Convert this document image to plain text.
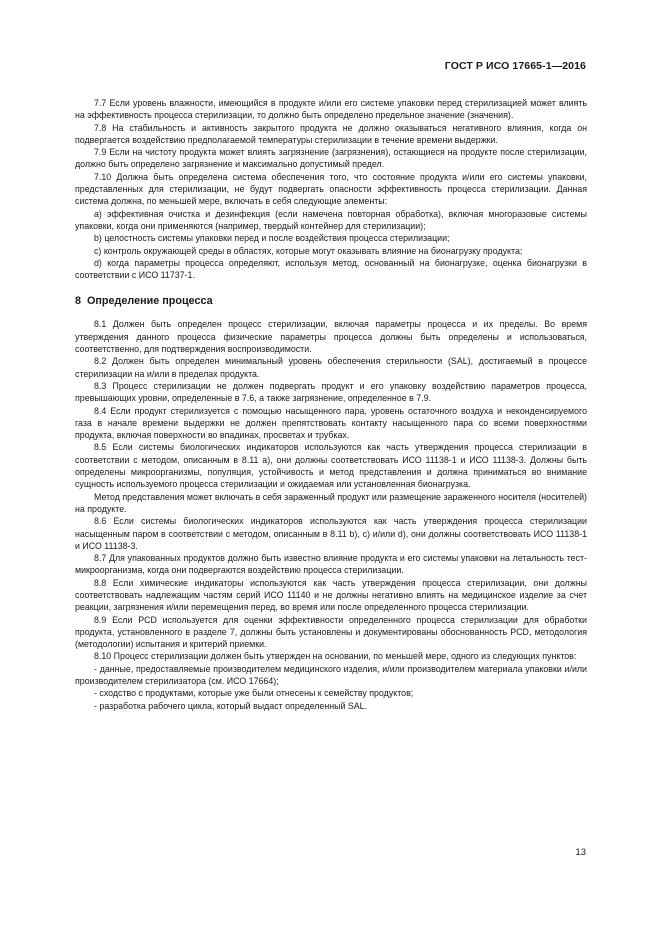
ГОСТ Р ИСО 17665-1—2016

7.7 Если уровень влажности, имеющийся в продукте и/или его системе упаковки перед стерилизацией может влиять на эффективность процесса стерилизации, то должно быть определено предельное значение (значения).

7.8 На стабильность и активность закрытого продукта не должно оказываться негативного влияния, когда он подвергается воздействию предполагаемой температуры стерилизации в течение времени выдержки.

7.9 Если на чистоту продукта может влиять загрязнение (загрязнения), остающиеся на продукте после стерилизации, должно быть определено загрязнение и максимально допустимый предел.

7.10 Должна быть определена система обеспечения того, что состояние продукта и/или его системы упаковки, представленных для стерилизации, не будут подвергать опасности эффективность процесса стерилизации. Данная система должна, по меньшей мере, включать в себя следующие элементы:

a) эффективная очистка и дезинфекция (если намечена повторная обработка), включая многоразовые системы упаковки, когда они применяются (например, твердый контейнер для стерилизации);

b) целостность системы упаковки перед и после воздействия процесса стерилизации;

c) контроль окружающей среды в областях, которые могут оказывать влияние на бионагрузку продукта;

d) когда параметры процесса определяют, используя метод, основанный на бионагрузке, оценка бионагрузки в соответствии с ИСО 11737-1.

8 Определение процесса

8.1 Должен быть определен процесс стерилизации, включая параметры процесса и их пределы. Во время утверждения данного процесса физические параметры процесса должны быть определены и использоваться, соответственно, для подтверждения воспроизводимости.

8.2 Должен быть определен минимальный уровень обеспечения стерильности (SAL), достигаемый в процессе стерилизации на и/или в пределах продукта.

8.3 Процесс стерилизации не должен подвергать продукт и его упаковку воздействию параметров процесса, превышающих уровни, определенные в 7.6, а также загрязнение, определенное в 7.9.

8.4 Если продукт стерилизуется с помощью насыщенного пара, уровень остаточного воздуха и неконденсируемого газа в начале времени выдержки не должен препятствовать контакту насыщенного пара со всеми поверхностями продукта, включая поверхности во впадинах, просветах и трубках.

8.5 Если системы биологических индикаторов используются как часть утверждения процесса стерилизации в соответствии с методом, описанным в 8.11 a), они должны соответствовать ИСО 11138-1 и ИСО 11138-3. Должны быть определены микроорганизмы, популяция, устойчивость и метод представления и должна приниматься во внимание сущность используемого процесса стерилизации и ожидаемая или установленная бионагрузка.

Метод представления может включать в себя зараженный продукт или размещение зараженного носителя (носителей) на продукте.

8.6 Если системы биологических индикаторов используются как часть утверждения процесса стерилизации насыщенным паром в соответствии с методом, описанным в 8.11 b), c) и/или d), они должны соответствовать ИСО 11138-1 и ИСО 11138-3.

8.7 Для упакованных продуктов должно быть известно влияние продукта и его системы упаковки на летальность тест-микроорганизма, когда они подвергаются воздействию процесса стерилизации.

8.8 Если химические индикаторы используются как часть утверждения процесса стерилизации, они должны соответствовать надлежащим частям серий ИСО 11140 и не должны негативно влиять на медицинское изделие за счет реакции, загрязнения и/или перемещения перед, во время или после определенного процесса стерилизации.

8.9 Если PCD используется для оценки эффективности определенного процесса стерилизации для обработки продукта, установленного в разделе 7, должны быть установлены и документированы обоснованность PCD, методология (методологии) испытания и критерий приемки.

8.10 Процесс стерилизации должен быть утвержден на основании, по меньшей мере, одного из следующих пунктов:

- данные, предоставляемые производителем медицинского изделия, и/или производителем материала упаковки и/или производителем стерилизатора (см. ИСО 17664);

- сходство с продуктами, которые уже были отнесены к семейству продуктов;

- разработка рабочего цикла, который выдаст определенный SAL.

13
